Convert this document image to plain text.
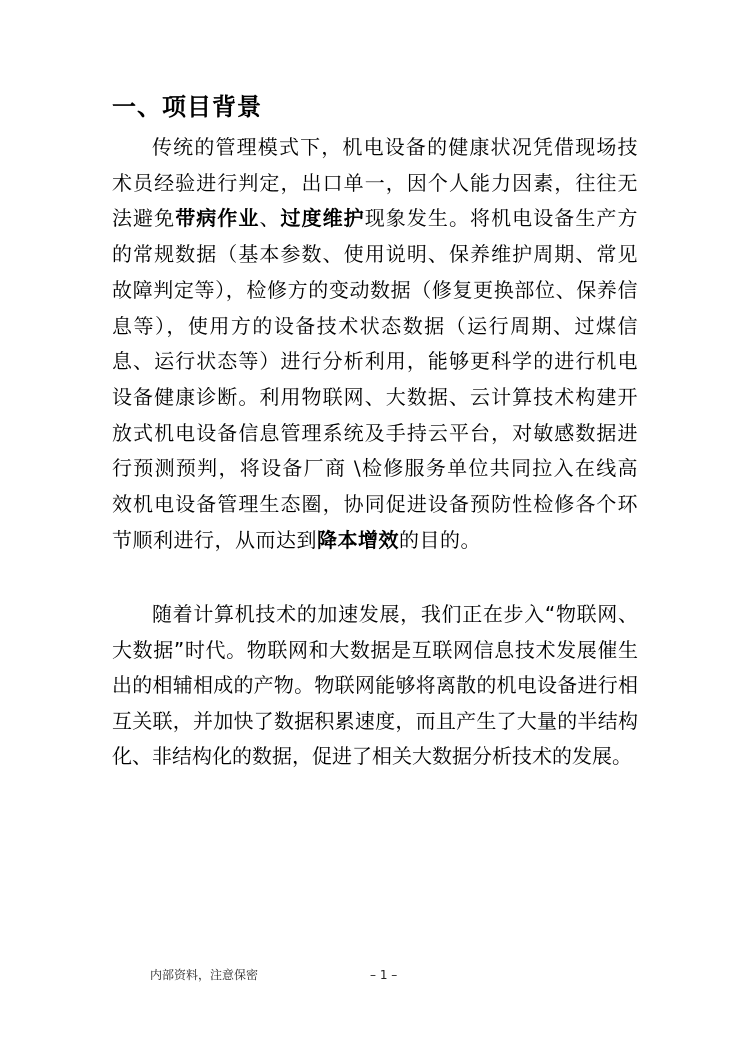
一、项目背景

传统的管理模式下，机电设备的健康状况凭借现场技术员经验进行判定，出口单一，因个人能力因素，往往无法避免带病作业、过度维护现象发生。将机电设备生产方的常规数据（基本参数、使用说明、保养维护周期、常见故障判定等），检修方的变动数据（修复更换部位、保养信息等），使用方的设备技术状态数据（运行周期、过煤信息、运行状态等）进行分析利用，能够更科学的进行机电设备健康诊断。利用物联网、大数据、云计算技术构建开放式机电设备信息管理系统及手持云平台，对敏感数据进行预测预判，将设备厂商 \检修服务单位共同拉入在线高效机电设备管理生态圈，协同促进设备预防性检修各个环节顺利进行，从而达到降本增效的目的。

随着计算机技术的加速发展，我们正在步入“物联网、大数据”时代。物联网和大数据是互联网信息技术发展催生出的相辅相成的产物。物联网能够将离散的机电设备进行相互关联，并加快了数据积累速度，而且产生了大量的半结构化、非结构化的数据，促进了相关大数据分析技术的发展。

内部资料，注意保密	– 1 –
